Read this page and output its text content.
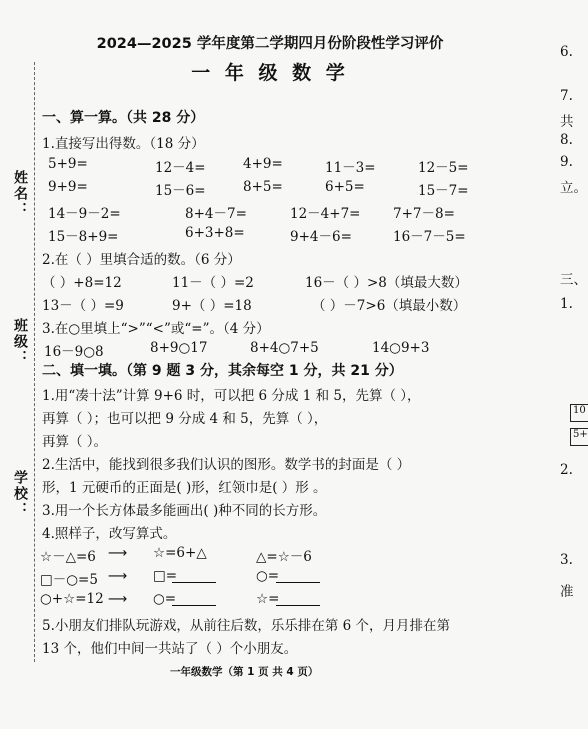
姓名：
班级：
学校：
2024—2025 学年度第二学期四月份阶段性学习评价
一 年 级 数 学
一、算一算。（共 28 分）
1.直接写出得数。（18 分）
5+9=	12－4=	4+9=	11－3=	12－5=
9+9=	15－6=	8+5=	6+5=	15－7=
14－9－2=	8+4－7=	12－4+7= 7+7－8=
15－8+9=	6+3+8=	9+4－6=	16－7－5=
2.在（ ）里填合适的数。（6 分）
（ ）+8=12	11－（ ）=2	16－（ ）>8（填最大数）
13－（ ）=9	9+（ ）=18	（ ）－7>6（填最小数）
3.在○里填上“>”“<”或“=”。（4 分）
16－9○8	8+9○17	8+4○7+5	14○9+3
二、填一填。（第 9 题 3 分，其余每空 1 分，共 21 分）
1.用“凑十法”计算 9+6 时，可以把 6 分成 1 和 5，先算（ ），
再算（ ）；也可以把 9 分成 4 和 5，先算（ ），
再算（ ）。
2.生活中，能找到很多我们认识的图形。数学书的封面是（ ）
形，1 元硬币的正面是( )形，红领巾是( ）形 。
3.用一个长方体最多能画出( )种不同的长方形。
4.照样子，改写算式。
☆－△=6 ⟶ ☆=6+△	△=☆－6
□－○=5 ⟶ □=	○=
○+☆=12 ⟶ ○=	☆=
5.小朋友们排队玩游戏，从前往后数，乐乐排在第 6 个，月月排在第
13 个，他们中间一共站了（ ）个小朋友。
一年级数学（第 1 页 共 4 页）
6.
7.
共
8.
9.
立。
三、
1.
10
5+
2.
3.
准
